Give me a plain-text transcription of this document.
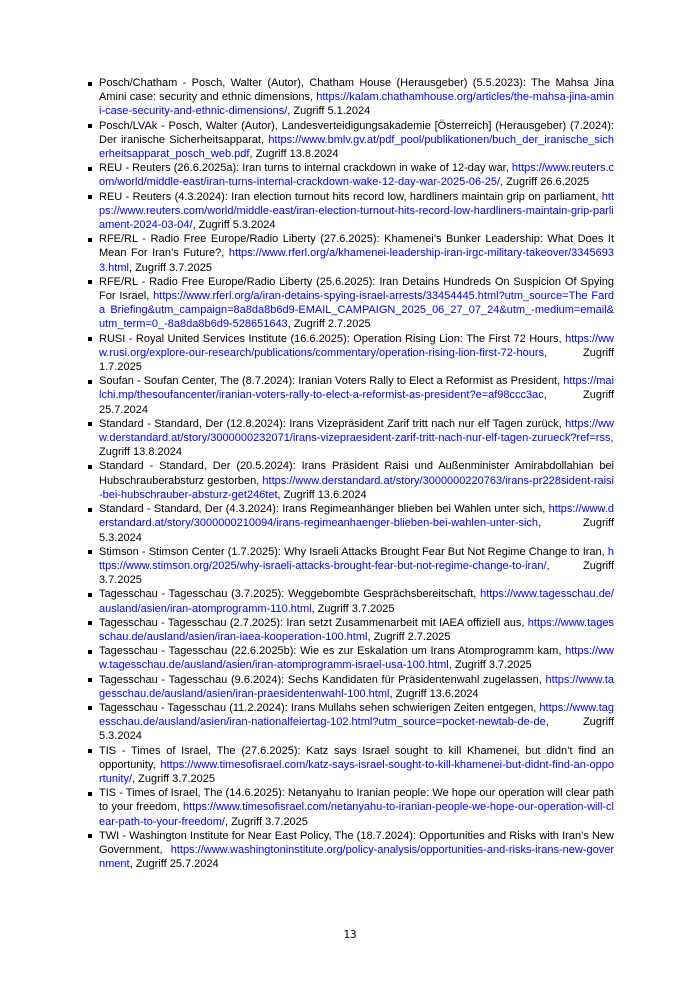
Posch/Chatham - Posch, Walter (Autor), Chatham House (Herausgeber) (5.5.2023): The Mahsa Jina Amini case: security and ethnic dimensions, https://kalam.chathamhouse.org/articles/the-mahsa-jina-amini-case-security-and-ethnic-dimensions/, Zugriff 5.1.2024
Posch/LVAk - Posch, Walter (Autor), Landesverteidigungsakademie [Österreich] (Herausgeber) (7.2024): Der iranische Sicherheitsapparat, https://www.bmlv.gv.at/pdf_pool/publikationen/buch_der_iranische_sicherheitsapparat_posch_web.pdf, Zugriff 13.8.2024
REU - Reuters (26.6.2025a): Iran turns to internal crackdown in wake of 12-day war, https://www.reuters.com/world/middle-east/iran-turns-internal-crackdown-wake-12-day-war-2025-06-25/, Zugriff 26.6.2025
REU - Reuters (4.3.2024): Iran election turnout hits record low, hardliners maintain grip on parliament, https://www.reuters.com/world/middle-east/iran-election-turnout-hits-record-low-hardliners-maintain-grip-parliament-2024-03-04/, Zugriff 5.3.2024
RFE/RL - Radio Free Europe/Radio Liberty (27.6.2025): Khamenei’s Bunker Leadership: What Does It Mean For Iran’s Future?, https://www.rferl.org/a/khamenei-leadership-iran-irgc-military-takeover/33456933.html, Zugriff 3.7.2025
RFE/RL - Radio Free Europe/Radio Liberty (25.6.2025): Iran Detains Hundreds On Suspicion Of Spying For Israel, https://www.rferl.org/a/iran-detains-spying-israel-arrests/33454445.html?utm_source=The Farda Briefing&utm_campaign=8a8da8b6d9-EMAIL_CAMPAIGN_2025_06_27_07_24&utm_-medium=email&utm_term=0_-8a8da8b6d9-528651643, Zugriff 2.7.2025
RUSI - Royal United Services Institute (16.6.2025): Operation Rising Lion: The First 72 Hours, https://www.rusi.org/explore-our-research/publications/commentary/operation-rising-lion-first-72-hours, Zugriff 1.7.2025
Soufan - Soufan Center, The (8.7.2024): Iranian Voters Rally to Elect a Reformist as President, https://mailchi.mp/thesoufancenter/iranian-voters-rally-to-elect-a-reformist-as-president?e=af98ccc3ac, Zugriff 25.7.2024
Standard - Standard, Der (12.8.2024): Irans Vizepräsident Zarif tritt nach nur elf Tagen zurück, https://www.derstandard.at/story/3000000232071/irans-vizepraesident-zarif-tritt-nach-nur-elf-tagen-zurueck?ref=rss, Zugriff 13.8.2024
Standard - Standard, Der (20.5.2024): Irans Präsident Raisi und Außenminister Amirabdollahian bei Hubschrauberabsturz gestorben, https://www.derstandard.at/story/3000000220763/irans-pr228sident-raisi-bei-hubschrauber-absturz-get246tet, Zugriff 13.6.2024
Standard - Standard, Der (4.3.2024): Irans Regimeanhänger blieben bei Wahlen unter sich, https://www.derstandard.at/story/3000000210094/irans-regimeanhaenger-blieben-bei-wahlen-unter-sich, Zugriff 5.3.2024
Stimson - Stimson Center (1.7.2025): Why Israeli Attacks Brought Fear But Not Regime Change to Iran, https://www.stimson.org/2025/why-israeli-attacks-brought-fear-but-not-regime-change-to-iran/, Zugriff 3.7.2025
Tagesschau - Tagesschau (3.7.2025): Weggebombte Gesprächsbereitschaft, https://www.tagesschau.de/ausland/asien/iran-atomprogramm-110.html, Zugriff 3.7.2025
Tagesschau - Tagesschau (2.7.2025): Iran setzt Zusammenarbeit mit IAEA offiziell aus, https://www.tagesschau.de/ausland/asien/iran-iaea-kooperation-100.html, Zugriff 2.7.2025
Tagesschau - Tagesschau (22.6.2025b): Wie es zur Eskalation um Irans Atomprogramm kam, https://www.tagesschau.de/ausland/asien/iran-atomprogramm-israel-usa-100.html, Zugriff 3.7.2025
Tagesschau - Tagesschau (9.6.2024): Sechs Kandidaten für Präsidentenwahl zugelassen, https://www.tagesschau.de/ausland/asien/iran-praesidentenwahl-100.html, Zugriff 13.6.2024
Tagesschau - Tagesschau (11.2.2024): Irans Mullahs sehen schwierigen Zeiten entgegen, https://www.tagesschau.de/ausland/asien/iran-nationalfeiertag-102.html?utm_source=pocket-newtab-de-de, Zugriff 5.3.2024
TIS - Times of Israel, The (27.6.2025): Katz says Israel sought to kill Khamenei, but didn’t find an opportunity, https://www.timesofisrael.com/katz-says-israel-sought-to-kill-khamenei-but-didnt-find-an-opportunity/, Zugriff 3.7.2025
TIS - Times of Israel, The (14.6.2025): Netanyahu to Iranian people: We hope our operation will clear path to your freedom, https://www.timesofisrael.com/netanyahu-to-iranian-people-we-hope-our-operation-will-clear-path-to-your-freedom/, Zugriff 3.7.2025
TWI - Washington Institute for Near East Policy, The (18.7.2024): Opportunities and Risks with Iran’s New Government, https://www.washingtoninstitute.org/policy-analysis/opportunities-and-risks-irans-new-government, Zugriff 25.7.2024
13
